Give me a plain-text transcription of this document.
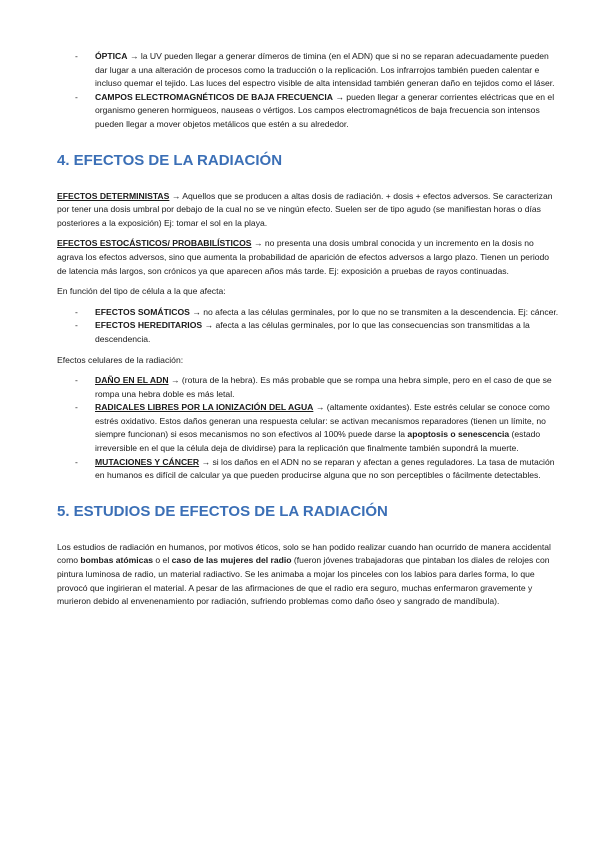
- ÓPTICA → la UV pueden llegar a generar dímeros de timina (en el ADN) que si no se reparan adecuadamente pueden dar lugar a una alteración de procesos como la traducción o la replicación. Los infrarrojos también pueden calentar e incluso quemar el tejido. Las luces del espectro visible de alta intensidad también generan daño en tejidos como el láser.
- CAMPOS ELECTROMAGNÉTICOS DE BAJA FRECUENCIA → pueden llegar a generar corrientes eléctricas que en el organismo generen hormigueos, nauseas o vértigos. Los campos electromagnéticos de baja frecuencia son intensos pueden llegar a mover objetos metálicos que estén a su alrededor.
4. EFECTOS DE LA RADIACIÓN

EFECTOS DETERMINISTAS → Aquellos que se producen a altas dosis de radiación. + dosis + efectos adversos. Se caracterizan por tener una dosis umbral por debajo de la cual no se ve ningún efecto. Suelen ser de tipo agudo (se manifiestan horas o días posteriores a la exposición) Ej: tomar el sol en la playa.

EFECTOS ESTOCÁSTICOS/ PROBABILÍSTICOS → no presenta una dosis umbral conocida y un incremento en la dosis no agrava los efectos adversos, sino que aumenta la probabilidad de aparición de efectos adversos a largo plazo. Tienen un periodo de latencia más largos, son crónicos ya que aparecen años más tarde. Ej: exposición a pruebas de rayos continuadas.

En función del tipo de célula a la que afecta:

- EFECTOS SOMÁTICOS → no afecta a las células germinales, por lo que no se transmiten a la descendencia. Ej: cáncer.
- EFECTOS HEREDITARIOS → afecta a las células germinales, por lo que las consecuencias son transmitidas a la descendencia.

Efectos celulares de la radiación:

- DAÑO EN EL ADN → (rotura de la hebra). Es más probable que se rompa una hebra simple, pero en el caso de que se rompa una hebra doble es más letal.
- RADICALES LIBRES POR LA IONIZACIÓN DEL AGUA → (altamente oxidantes). Este estrés celular se conoce como estrés oxidativo. Estos daños generan una respuesta celular: se activan mecanismos reparadores (tienen un límite, no siempre funcionan) si esos mecanismos no son efectivos al 100% puede darse la apoptosis o senescencia (estado irreversible en el que la célula deja de dividirse) para la replicación que finalmente también supondrá la muerte.
- MUTACIONES Y CÁNCER → si los daños en el ADN no se reparan y afectan a genes reguladores. La tasa de mutación en humanos es difícil de calcular ya que pueden producirse alguna que no son perceptibles o fácilmente detectables.
5. ESTUDIOS DE EFECTOS DE LA RADIACIÓN

Los estudios de radiación en humanos, por motivos éticos, solo se han podido realizar cuando han ocurrido de manera accidental como bombas atómicas o el caso de las mujeres del radio (fueron jóvenes trabajadoras que pintaban los diales de relojes con pintura luminosa de radio, un material radiactivo. Se les animaba a mojar los pinceles con los labios para darles forma, lo que provocó que ingirieran el material. A pesar de las afirmaciones de que el radio era seguro, muchas enfermaron gravemente y murieron debido al envenenamiento por radiación, sufriendo problemas como daño óseo y sangrado de mandíbula).
